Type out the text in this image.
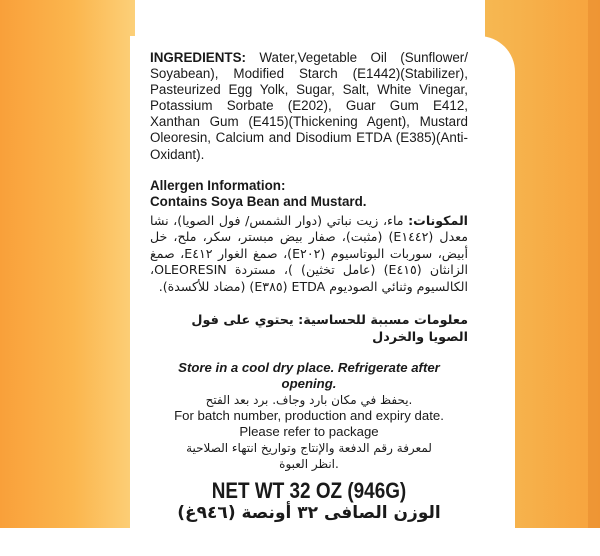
INGREDIENTS: Water,Vegetable Oil (Sunflower/ Soyabean), Modified Starch (E1442)(Stabilizer), Pasteurized Egg Yolk, Sugar, Salt, White Vinegar, Potassium Sorbate (E202), Guar Gum E412, Xanthan Gum (E415)(Thickening Agent), Mustard Oleoresin, Calcium and Disodium ETDA (E385)(Anti-Oxidant).
Allergen Information:
Contains Soya Bean and Mustard.
المكونات: ماء، زيت نباتي (دوار الشمس/ فول الصويا)، نشا معدل (E١٤٤٢) (مثبت)، صفار بيض مبستر، سكر، ملح، خل أبيض، سوربات البوتاسيوم (E٢٠٢)، صمغ الغوار E٤١٢، صمغ الزانثان (E٤١٥) (عامل تخثين) )، مستردة OLEORESIN، الكالسيوم وثنائي الصوديوم ETDA (E٣٨٥) (مضاد للأكسدة).
معلومات مسببة للحساسية: يحتوي على فول الصويا والخردل
Store in a cool dry place. Refrigerate after opening.
يحفظ في مكان بارد وجاف. برد بعد الفتح.
For batch number, production and expiry date.
Please refer to package
لمعرفة رقم الدفعة والإنتاج وتواريخ انتهاء الصلاحية
انظر العبوة.
NET WT 32 OZ (946G)
الوزن الصافى ٣٢ أونصة (٩٤٦غ)
